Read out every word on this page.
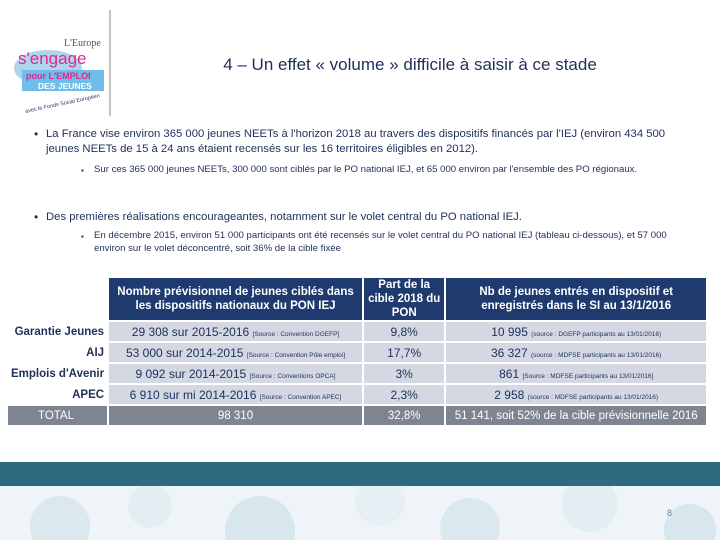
L'Europe
s'engage
pour L'EMPLOI
DES JEUNES
avec le Fonds Social Européen
4 – Un effet « volume » difficile à saisir à ce stade
• La France vise environ 365 000 jeunes NEETs à l'horizon 2018 au travers des dispositifs financés par l'IEJ (environ 434 500 jeunes NEETs de 15 à 24 ans étaient recensés sur les 16 territoires éligibles en 2012).
▪ Sur ces 365 000 jeunes NEETs, 300 000 sont ciblés par le PO national IEJ, et 65 000 environ par l'ensemble des PO régionaux.
• Des premières réalisations encourageantes, notamment sur le volet central du PO national IEJ.
▪ En décembre 2015, environ 51 000 participants ont été recensés sur le volet central du PO national IEJ (tableau ci-dessous), et 57 000 environ sur le volet déconcentré, soit 36% de la cible fixée
	Nombre prévisionnel de jeunes ciblés dans les dispositifs nationaux du PON IEJ	Part de la cible 2018 du PON	Nb de jeunes entrés en dispositif et enregistrés dans le SI au 13/1/2016
Garantie Jeunes	29 308 sur 2015-2016 [Source : Convention DGEFP]	9,8%	10 995 (source : DGEFP participants au 13/01/2016)
AIJ	53 000 sur 2014-2015 [Source : Convention Pôle emploi]	17,7%	36 327 (source : MDFSE participants au 13/01/2016)
Emplois d'Avenir	9 092 sur 2014-2015 [Source : Conventions OPCA]	3%	861 [Source : MDFSE participants au 13/01/2016]
APEC	6 910 sur mi 2014-2016 [Source : Convention APEC]	2,3%	2 958 (source : MDFSE participants au 13/01/2016)
TOTAL	98 310	32,8%	51 141, soit 52% de la cible prévisionnelle 2016
8
